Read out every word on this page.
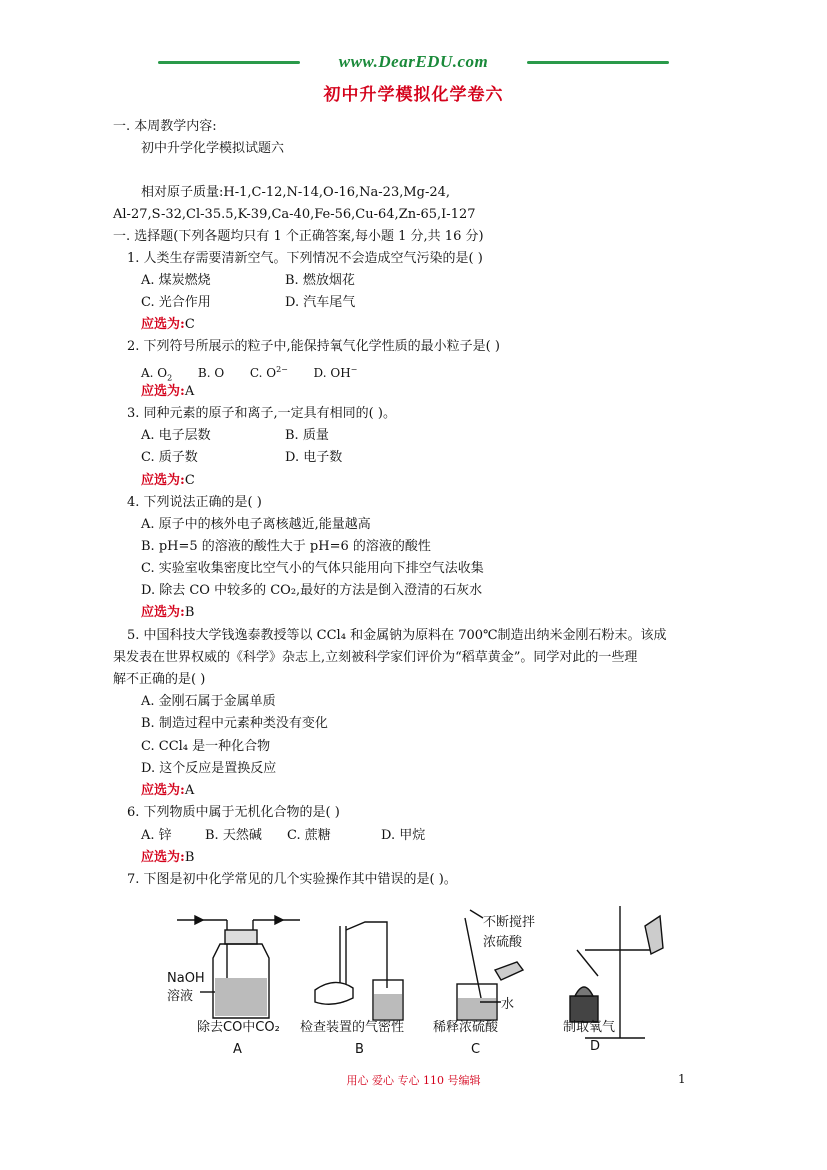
www.DearEDU.com
初中升学模拟化学卷六
一. 本周教学内容:
初中升学化学模拟试题六
相对原子质量:H-1,C-12,N-14,O-16,Na-23,Mg-24,
Al-27,S-32,Cl-35.5,K-39,Ca-40,Fe-56,Cu-64,Zn-65,I-127
一. 选择题(下列各题均只有 1 个正确答案,每小题 1 分,共 16 分)
1. 人类生存需要清新空气。下列情况不会造成空气污染的是( )
A. 煤炭燃烧	B. 燃放烟花
C. 光合作用	D. 汽车尾气
应选为:C
2. 下列符号所展示的粒子中,能保持氧气化学性质的最小粒子是( )
A. $O_2$ B. O C. $O^{2-}$ D. OH−
应选为:A
3. 同种元素的原子和离子,一定具有相同的( )。
A. 电子层数	B. 质量
C. 质子数	D. 电子数
应选为:C
4. 下列说法正确的是( )
A. 原子中的核外电子离核越近,能量越高
B. pH=5 的溶液的酸性大于 pH=6 的溶液的酸性
C. 实验室收集密度比空气小的气体只能用向下排空气法收集
D. 除去 CO 中较多的 CO₂,最好的方法是倒入澄清的石灰水
应选为:B
5. 中国科技大学钱逸泰教授等以 CCl₄ 和金属钠为原料在 700℃制造出纳米金刚石粉末。该成
果发表在世界权威的《科学》杂志上,立刻被科学家们评价为“稻草黄金”。同学对此的一些理
解不正确的是( )
A. 金刚石属于金属单质
B. 制造过程中元素种类没有变化
C. CCl₄ 是一种化合物
D. 这个反应是置换反应
应选为:A
6. 下列物质中属于无机化合物的是( )
A. 锌	B. 天然碱 C. 蔗糖	D. 甲烷
应选为:B
7. 下图是初中化学常见的几个实验操作其中错误的是( )。
NaOH
溶液
不断搅拌
浓硫酸
水
除去CO中CO₂ 检查装置的气密性 稀释浓硫酸	制取氧气
A	B	C	D
用心 爱心 专心 110 号编辑	1
